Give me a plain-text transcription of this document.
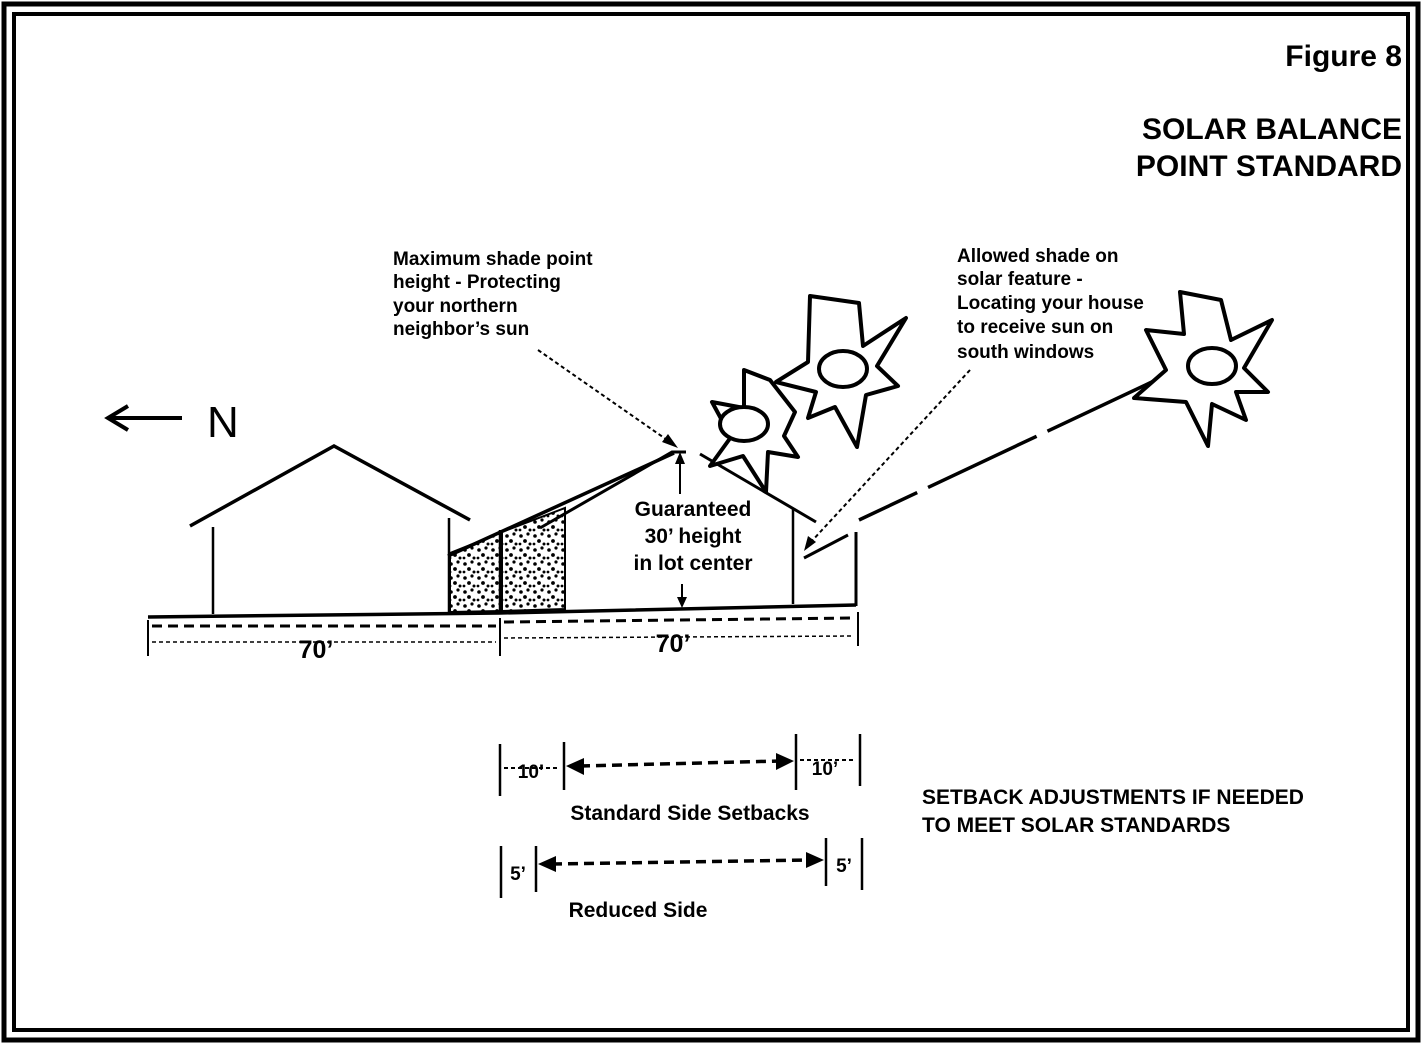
Figure 8
SOLAR BALANCE
POINT STANDARD
N
Maximum shade point
height - Protecting
your northern
neighbor’s sun
Allowed shade on
solar feature -
Locating your house
to receive sun on
south windows
Guaranteed
30’ height
in lot center
70’	70’
10’	10’
Standard Side Setbacks
5’	5’
Reduced Side
SETBACK ADJUSTMENTS IF NEEDED
TO MEET SOLAR STANDARDS
